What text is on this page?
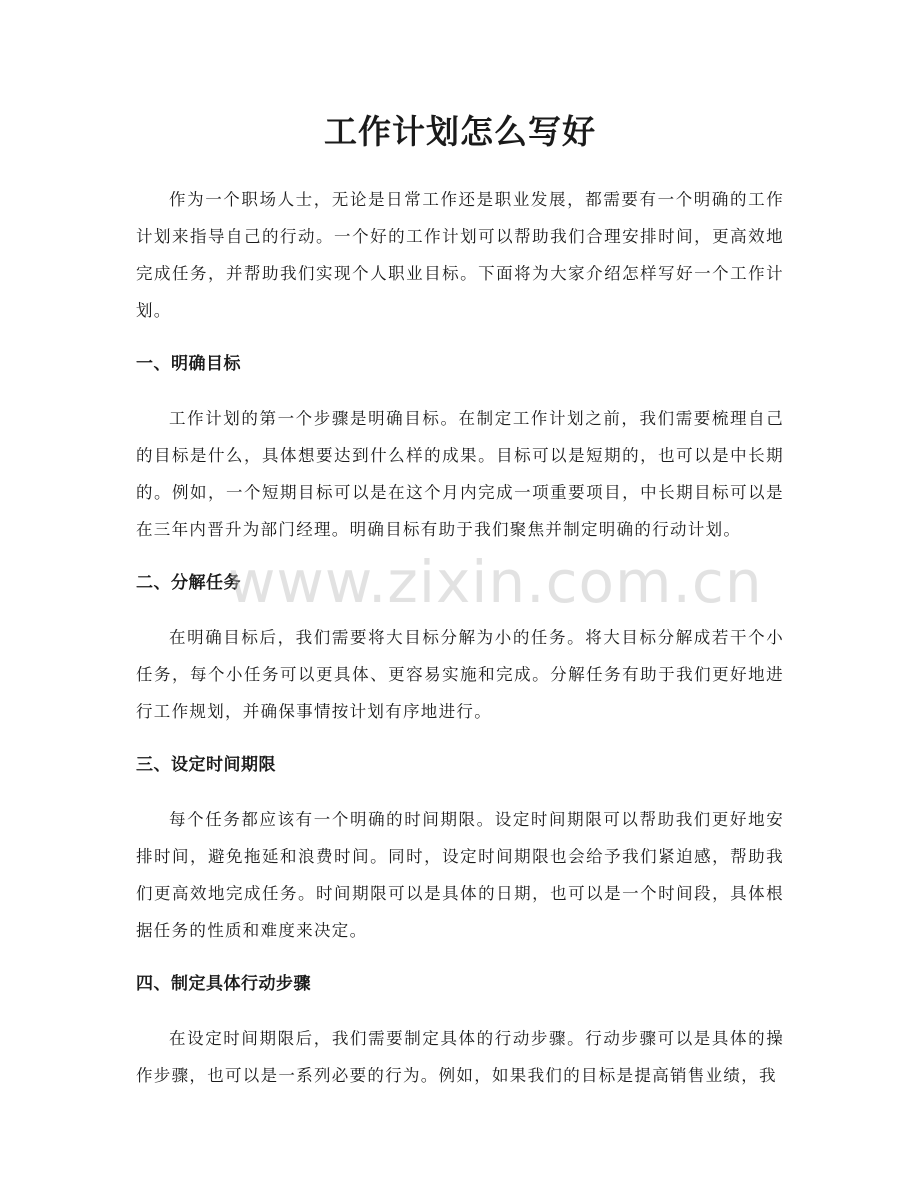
工作计划怎么写好

作为一个职场人士，无论是日常工作还是职业发展，都需要有一个明确的工作计划来指导自己的行动。一个好的工作计划可以帮助我们合理安排时间，更高效地完成任务，并帮助我们实现个人职业目标。下面将为大家介绍怎样写好一个工作计划。

一、明确目标

工作计划的第一个步骤是明确目标。在制定工作计划之前，我们需要梳理自己的目标是什么，具体想要达到什么样的成果。目标可以是短期的，也可以是中长期的。例如，一个短期目标可以是在这个月内完成一项重要项目，中长期目标可以是在三年内晋升为部门经理。明确目标有助于我们聚焦并制定明确的行动计划。

二、分解任务

在明确目标后，我们需要将大目标分解为小的任务。将大目标分解成若干个小任务，每个小任务可以更具体、更容易实施和完成。分解任务有助于我们更好地进行工作规划，并确保事情按计划有序地进行。

三、设定时间期限

每个任务都应该有一个明确的时间期限。设定时间期限可以帮助我们更好地安排时间，避免拖延和浪费时间。同时，设定时间期限也会给予我们紧迫感，帮助我们更高效地完成任务。时间期限可以是具体的日期，也可以是一个时间段，具体根据任务的性质和难度来决定。

四、制定具体行动步骤

在设定时间期限后，我们需要制定具体的行动步骤。行动步骤可以是具体的操作步骤，也可以是一系列必要的行为。例如，如果我们的目标是提高销售业绩，我

www.zixin.com.cn
